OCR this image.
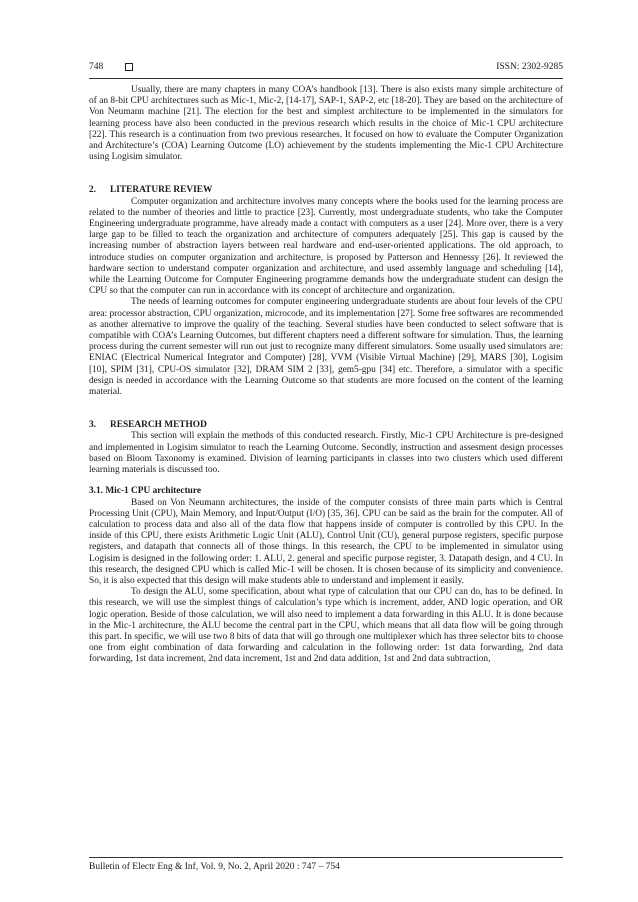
748	ISSN: 2302-9285

Usually, there are many chapters in many COA’s handbook [13]. There is also exists many simple architecture of of an 8-bit CPU architectures such as Mic-1, Mic-2, [14-17], SAP-1, SAP-2, etc [18-20]. They are based on the architecture of Von Neumann machine [21]. The election for the best and simplest architecture to be implemented in the simulators for learning process have also been conducted in the previous research which results in the choice of Mic-1 CPU architecture [22]. This research is a continuation from two previous researches. It focused on how to evaluate the Computer Organization and Architecture’s (COA) Learning Outcome (LO) achievement by the students implementing the Mic-1 CPU Architecture using Logisim simulator.

2. LITERATURE REVIEW

Computer organization and architecture involves many concepts where the books used for the learning process are related to the number of theories and little to practice [23]. Currently, most undergraduate students, who take the Computer Engineering undergraduate programme, have already made a contact with computers as a user [24]. More over, there is a very large gap to be filled to teach the organization and architecture of computers adequately [25]. This gap is caused by the increasing number of abstraction layers between real hardware and end-user-oriented applications. The old approach, to introduce studies on computer organization and architecture, is proposed by Patterson and Hennessy [26]. It reviewed the hardware section to understand computer organization and architecture, and used assembly language and scheduling [14], while the Learning Outcome for Computer Engineering programme demands how the undergraduate student can design the CPU so that the computer can run in accordance with its concept of architecture and organization.

The needs of learning outcomes for computer engineering undergraduate students are about four levels of the CPU area: processor abstraction, CPU organization, microcode, and its implementation [27]. Some free softwares are recommended as another alternative to improve the quality of the teaching. Several studies have been conducted to select software that is compatible with COA’s Learning Outcomes, but different chapters need a different software for simulation. Thus, the learning process during the current semester will run out just to recognize many different simulators. Some usually used simulators are: ENIAC (Electrical Numerical Integrator and Computer) [28], VVM (Visible Virtual Machine) [29], MARS [30], Logisim [10], SPIM [31], CPU-OS simulator [32], DRAM SIM 2 [33], gem5-gpu [34] etc. Therefore, a simulator with a specific design is needed in accordance with the Learning Outcome so that students are more focused on the content of the learning material.

3. RESEARCH METHOD

This section will explain the methods of this conducted research. Firstly, Mic-1 CPU Architecture is pre-designed and implemented in Logisim simulator to reach the Learning Outcome. Secondly, instruction and assesment design processes based on Bloom Taxonomy is examined. Division of learning participants in classes into two clusters which used different learning materials is discussed too.

3.1. Mic-1 CPU architecture

Based on Von Neumann architectures, the inside of the computer consists of three main parts which is Central Processing Unit (CPU), Main Memory, and Input/Output (I/O) [35, 36]. CPU can be said as the brain for the computer. All of calculation to process data and also all of the data flow that happens inside of computer is controlled by this CPU. In the inside of this CPU, there exists Arithmetic Logic Unit (ALU), Control Unit (CU), general purpose registers, specific purpose registers, and datapath that connects all of those things. In this research, the CPU to be implemented in simulator using Logisim is designed in the following order: 1. ALU, 2. general and specific purpose register, 3. Datapath design, and 4 CU. In this research, the designed CPU which is called Mic-1 will be chosen. It is chosen because of its simplicity and convenience. So, it is also expected that this design will make students able to understand and implement it easily.

To design the ALU, some specification, about what type of calculation that our CPU can do, has to be defined. In this research, we will use the simplest things of calculation’s type which is increment, adder, AND logic operation, and OR logic operation. Beside of those calculation, we will also need to implement a data forwarding in this ALU. It is done because in the Mic-1 architecture, the ALU become the central part in the CPU, which means that all data flow will be going through this part. In specific, we will use two 8 bits of data that will go through one multiplexer which has three selector bits to choose one from eight combination of data forwarding and calculation in the following order: 1st data forwarding, 2nd data forwarding, 1st data increment, 2nd data increment, 1st and 2nd data addition, 1st and 2nd data subtraction,

Bulletin of Electr Eng & Inf, Vol. 9, No. 2, April 2020 : 747 – 754
